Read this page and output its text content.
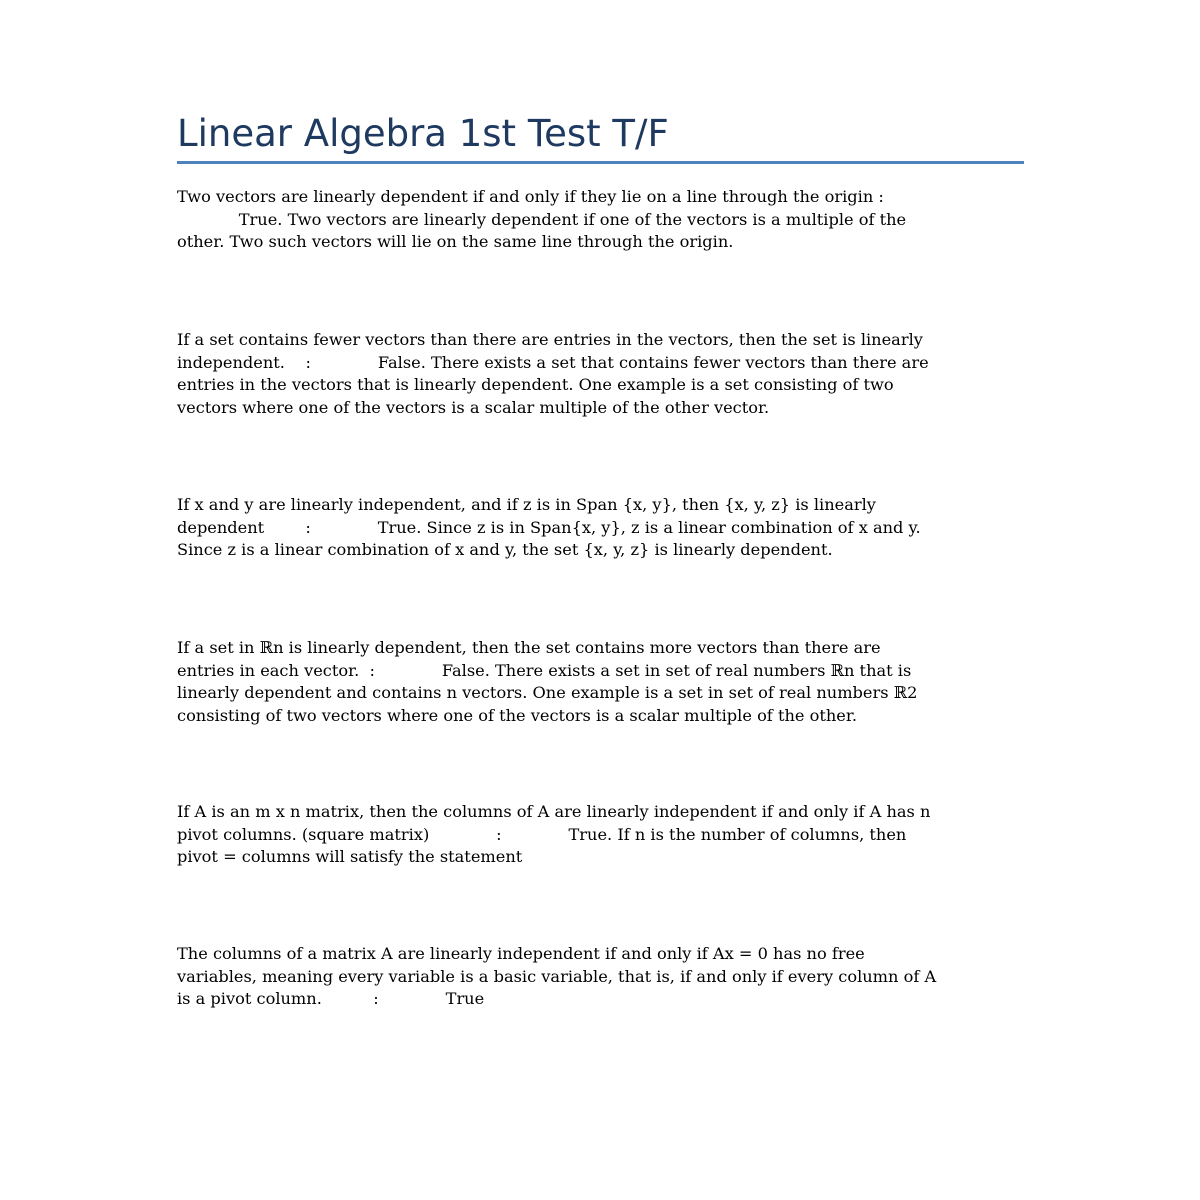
Linear Algebra 1st Test T/F
Two vectors are linearly dependent if and only if they lie on a line through the origin :
True. Two vectors are linearly dependent if one of the vectors is a multiple of the
other. Two such vectors will lie on the same line through the origin.
If a set contains fewer vectors than there are entries in the vectors, then the set is linearly
independent.    :             False. There exists a set that contains fewer vectors than there are
entries in the vectors that is linearly dependent. One example is a set consisting of two
vectors where one of the vectors is a scalar multiple of the other vector.
If x and y are linearly independent, and if z is in Span {x, y}, then {x, y, z} is linearly
dependent        :             True. Since z is in Span{x, y}, z is a linear combination of x and y.
Since z is a linear combination of x and y, the set {x, y, z} is linearly dependent.
If a set in ℝn is linearly dependent, then the set contains more vectors than there are
entries in each vector.  :             False. There exists a set in set of real numbers ℝn that is
linearly dependent and contains n vectors. One example is a set in set of real numbers ℝ2
consisting of two vectors where one of the vectors is a scalar multiple of the other.
If A is an m x n matrix, then the columns of A are linearly independent if and only if A has n
pivot columns. (square matrix)             :             True. If n is the number of columns, then
pivot = columns will satisfy the statement
The columns of a matrix A are linearly independent if and only if Ax = 0 has no free
variables, meaning every variable is a basic variable, that is, if and only if every column of A
is a pivot column.          :             True
